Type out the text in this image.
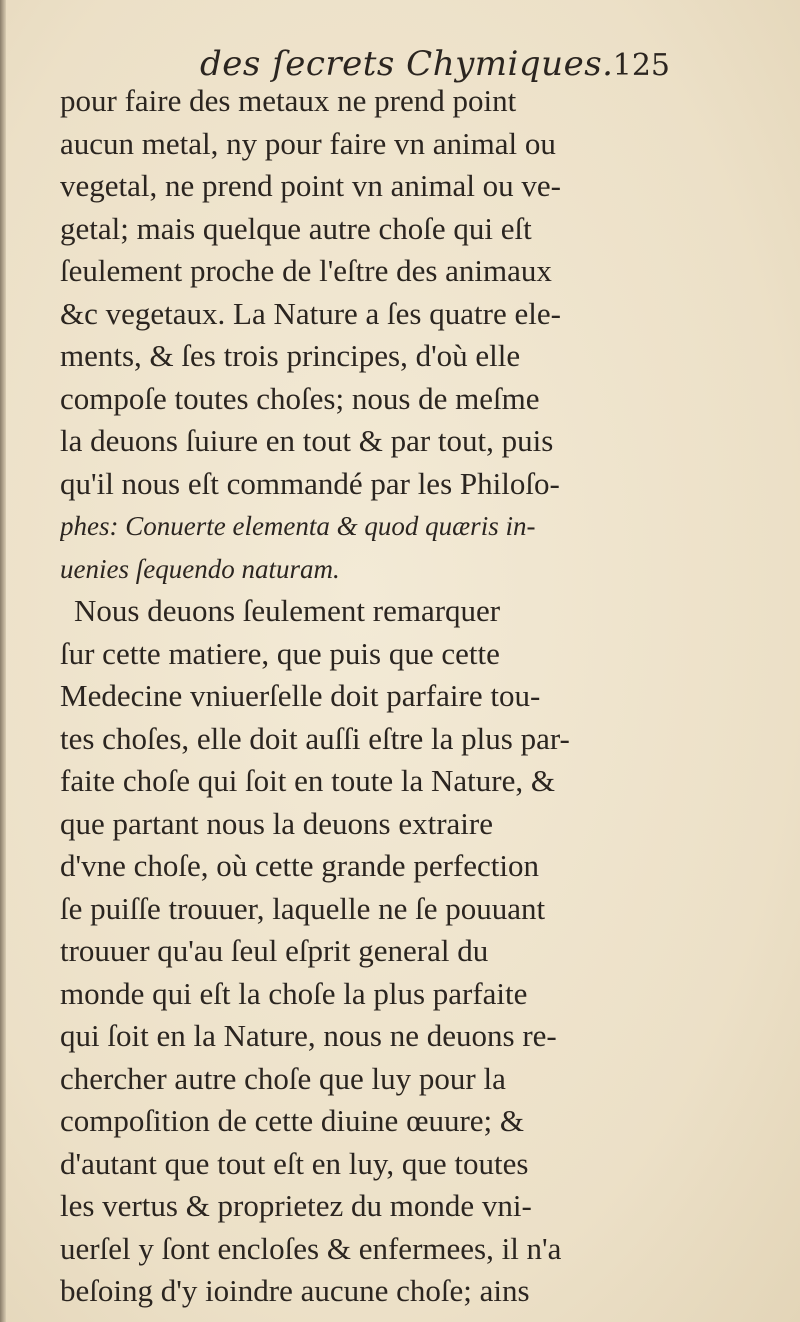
des ſecrets Chymiques. 125
pour faire des metaux ne prend point
aucun metal, ny pour faire vn animal ou
vegetal, ne prend point vn animal ou ve-
getal; mais quelque autre choſe qui eſt
ſeulement proche de l'eſtre des animaux
&c vegetaux. La Nature a ſes quatre ele-
ments, & ſes trois principes, d'où elle
compoſe toutes choſes; nous de meſme
la deuons ſuiure en tout & par tout, puis
qu'il nous eſt commandé par les Philoſo-
phes: Conuerte elementa & quod quæris in-
uenies ſequendo naturam.
Nous deuons ſeulement remarquer
ſur cette matiere, que puis que cette
Medecine vniuerſelle doit parfaire tou-
tes choſes, elle doit auſſi eſtre la plus par-
faite choſe qui ſoit en toute la Nature, &
que partant nous la deuons extraire
d'vne choſe, où cette grande perfection
ſe puiſſe trouuer, laquelle ne ſe pouuant
trouuer qu'au ſeul eſprit general du
monde qui eſt la choſe la plus parfaite
qui ſoit en la Nature, nous ne deuons re-
chercher autre choſe que luy pour la
compoſition de cette diuine œuure; &
d'autant que tout eſt en luy, que toutes
les vertus & proprietez du monde vni-
uerſel y ſont encloſes & enfermees, il n'a
beſoing d'y ioindre aucune choſe; ains
